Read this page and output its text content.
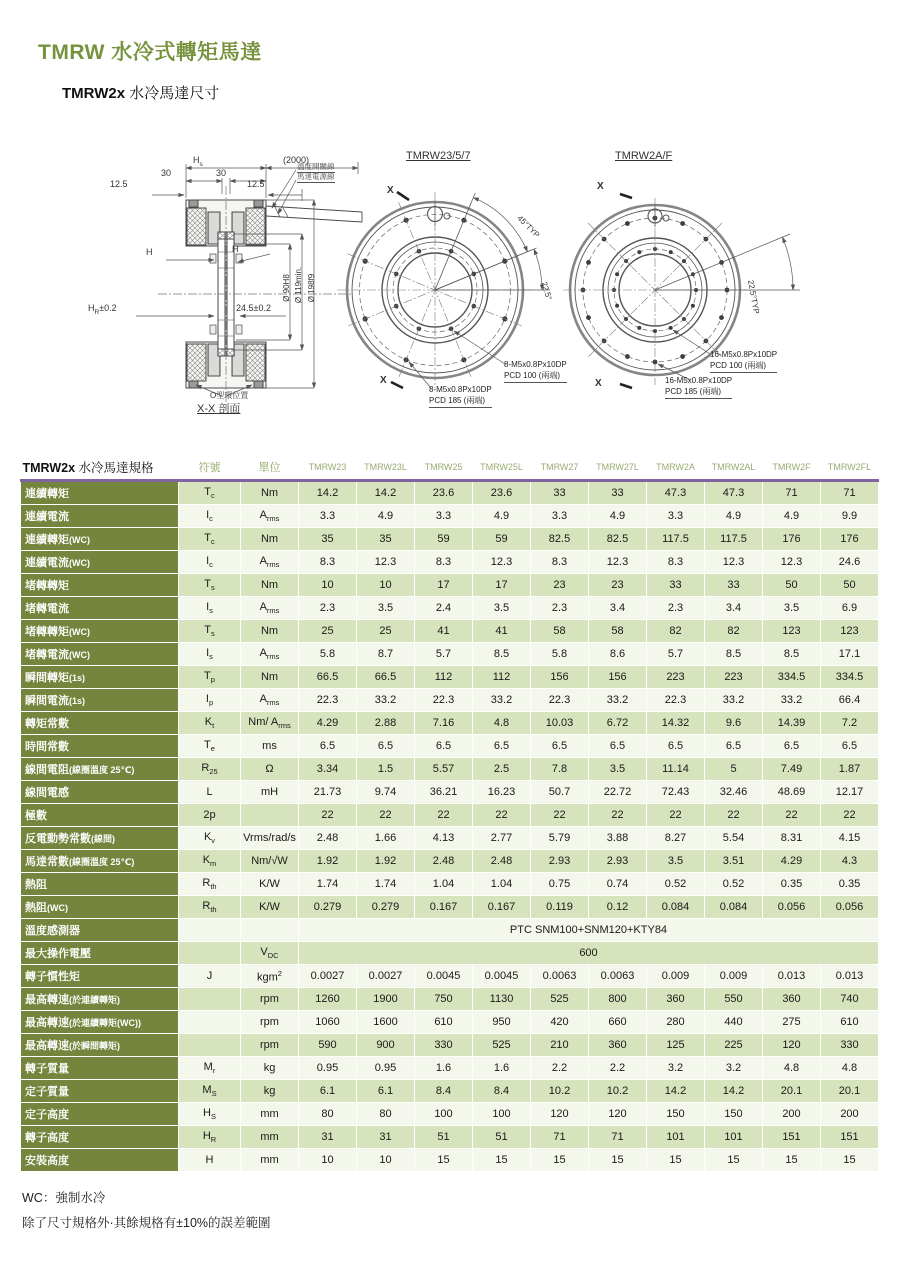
TMRW 水冷式轉矩馬達
TMRW2x 水冷馬達尺寸
$H_s$	(2000)
30	30
12.5	12.5
溫度開關線
馬達電源線
H	H
$H_R\pm 0.2$	24.5±0.2
Ø 90H8 Ø 119min. Ø 198f9
O型環位置
X-X 剖面
TMRW23/5/7
X
X
45°TYP
22.5°
8-M5x0.8Px10DP
PCD 100 (兩端)
8-M5x0.8Px10DP
PCD 185 (兩端)
TMRW2A/F
X
X
22.5°TYP
16-M5x0.8Px10DP
PCD 100 (兩端)
16-M5x0.8Px10DP
PCD 185 (兩端)
TMRW2x 水冷馬達規格	符號	單位	TMRW23	TMRW23L	TMRW25	TMRW25L	TMRW27	TMRW27L	TMRW2A	TMRW2AL	TMRW2F	TMRW2FL
連續轉矩	$T_c$	Nm	14.2	14.2	23.6	23.6	33	33	47.3	47.3	71	71
連續電流	$I_c$	$A_{rms}$	3.3	4.9	3.3	4.9	3.3	4.9	3.3	4.9	4.9	9.9
連續轉矩(WC)	$T_c$	Nm	35	35	59	59	82.5	82.5	117.5	117.5	176	176
連續電流(WC)	$I_c$	$A_{rms}$	8.3	12.3	8.3	12.3	8.3	12.3	8.3	12.3	12.3	24.6
堵轉轉矩	$T_s$	Nm	10	10	17	17	23	23	33	33	50	50
堵轉電流	$I_s$	$A_{rms}$	2.3	3.5	2.4	3.5	2.3	3.4	2.3	3.4	3.5	6.9
堵轉轉矩(WC)	$T_s$	Nm	25	25	41	41	58	58	82	82	123	123
堵轉電流(WC)	$I_s$	$A_{rms}$	5.8	8.7	5.7	8.5	5.8	8.6	5.7	8.5	8.5	17.1
瞬間轉矩(1s)	$T_p$	Nm	66.5	66.5	112	112	156	156	223	223	334.5	334.5
瞬間電流(1s)	$I_p$	$A_{rms}$	22.3	33.2	22.3	33.2	22.3	33.2	22.3	33.2	33.2	66.4
轉矩常數	$K_t$	Nm/ $A_{rms}$	4.29	2.88	7.16	4.8	10.03	6.72	14.32	9.6	14.39	7.2
時間常數	$T_e$	ms	6.5	6.5	6.5	6.5	6.5	6.5	6.5	6.5	6.5	6.5
線間電阻(線圈溫度 25℃)	$R_{25}$	Ω	3.34	1.5	5.57	2.5	7.8	3.5	11.14	5	7.49	1.87
線間電感	L	mH	21.73	9.74	36.21	16.23	50.7	22.72	72.43	32.46	48.69	12.17
極數	2p		22	22	22	22	22	22	22	22	22	22
反電動勢常數(線間)	$K_v$	Vrms/rad/s	2.48	1.66	4.13	2.77	5.79	3.88	8.27	5.54	8.31	4.15
馬達常數(線圈溫度 25℃)	$K_m$	Nm/√W	1.92	1.92	2.48	2.48	2.93	2.93	3.5	3.51	4.29	4.3
熱阻	$R_{th}$	K/W	1.74	1.74	1.04	1.04	0.75	0.74	0.52	0.52	0.35	0.35
熱阻(WC)	$R_{th}$	K/W	0.279	0.279	0.167	0.167	0.119	0.12	0.084	0.084	0.056	0.056
溫度感測器			PTC SNM100+SNM120+KTY84									
最大操作電壓		$V_{DC}$	600									
轉子慣性矩	J	kgm$^2$	0.0027	0.0027	0.0045	0.0045	0.0063	0.0063	0.009	0.009	0.013	0.013
最高轉速(於連續轉矩)		rpm	1260	1900	750	1130	525	800	360	550	360	740
最高轉速(於連續轉矩(WC))		rpm	1060	1600	610	950	420	660	280	440	275	610
最高轉速(於瞬間轉矩)		rpm	590	900	330	525	210	360	125	225	120	330
轉子質量	$M_r$	kg	0.95	0.95	1.6	1.6	2.2	2.2	3.2	3.2	4.8	4.8
定子質量	$M_S$	kg	6.1	6.1	8.4	8.4	10.2	10.2	14.2	14.2	20.1	20.1
定子高度	$H_S$	mm	80	80	100	100	120	120	150	150	200	200
轉子高度	$H_R$	mm	31	31	51	51	71	71	101	101	151	151
安裝高度	H	mm	10	10	15	15	15	15	15	15	15	15
WC：強制水冷
除了尺寸規格外·其餘規格有±10%的誤差範圍
